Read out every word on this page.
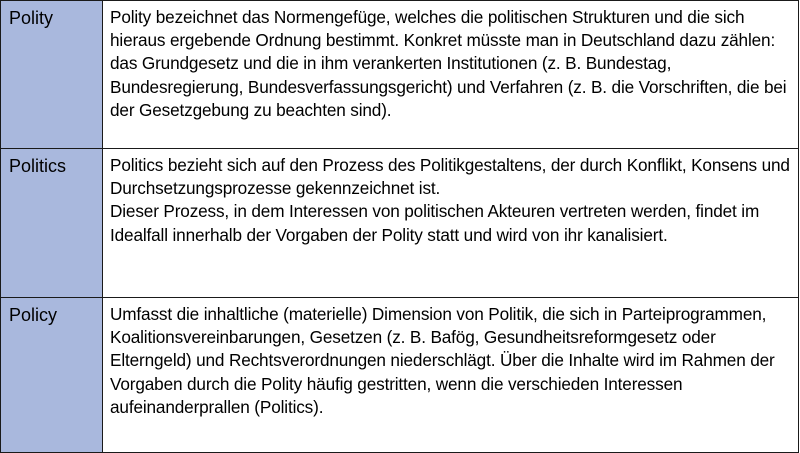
Polity	Polity bezeichnet das Normengefüge, welches die politischen Strukturen und die sich hieraus ergebende Ordnung bestimmt. Konkret müsste man in Deutschland dazu zählen: das Grundgesetz und die in ihm verankerten Institutionen (z. B. Bundestag, Bundesregierung, Bundesverfassungsgericht) und Verfahren (z. B. die Vorschriften, die bei der Gesetzgebung zu beachten sind).

Politics	Politics bezieht sich auf den Prozess des Politikgestaltens, der durch Konflikt, Konsens und Durchsetzungsprozesse gekennzeichnet ist.

Dieser Prozess, in dem Interessen von politischen Akteuren vertreten werden, findet im Idealfall innerhalb der Vorgaben der Polity statt und wird von ihr kanalisiert.

Policy	Umfasst die inhaltliche (materielle) Dimension von Politik, die sich in Parteiprogrammen, Koalitionsvereinbarungen, Gesetzen (z. B. Bafög, Gesundheitsreformgesetz oder Elterngeld) und Rechtsverordnungen niederschlägt. Über die Inhalte wird im Rahmen der Vorgaben durch die Polity häufig gestritten, wenn die verschieden Interessen aufeinanderprallen (Politics).
